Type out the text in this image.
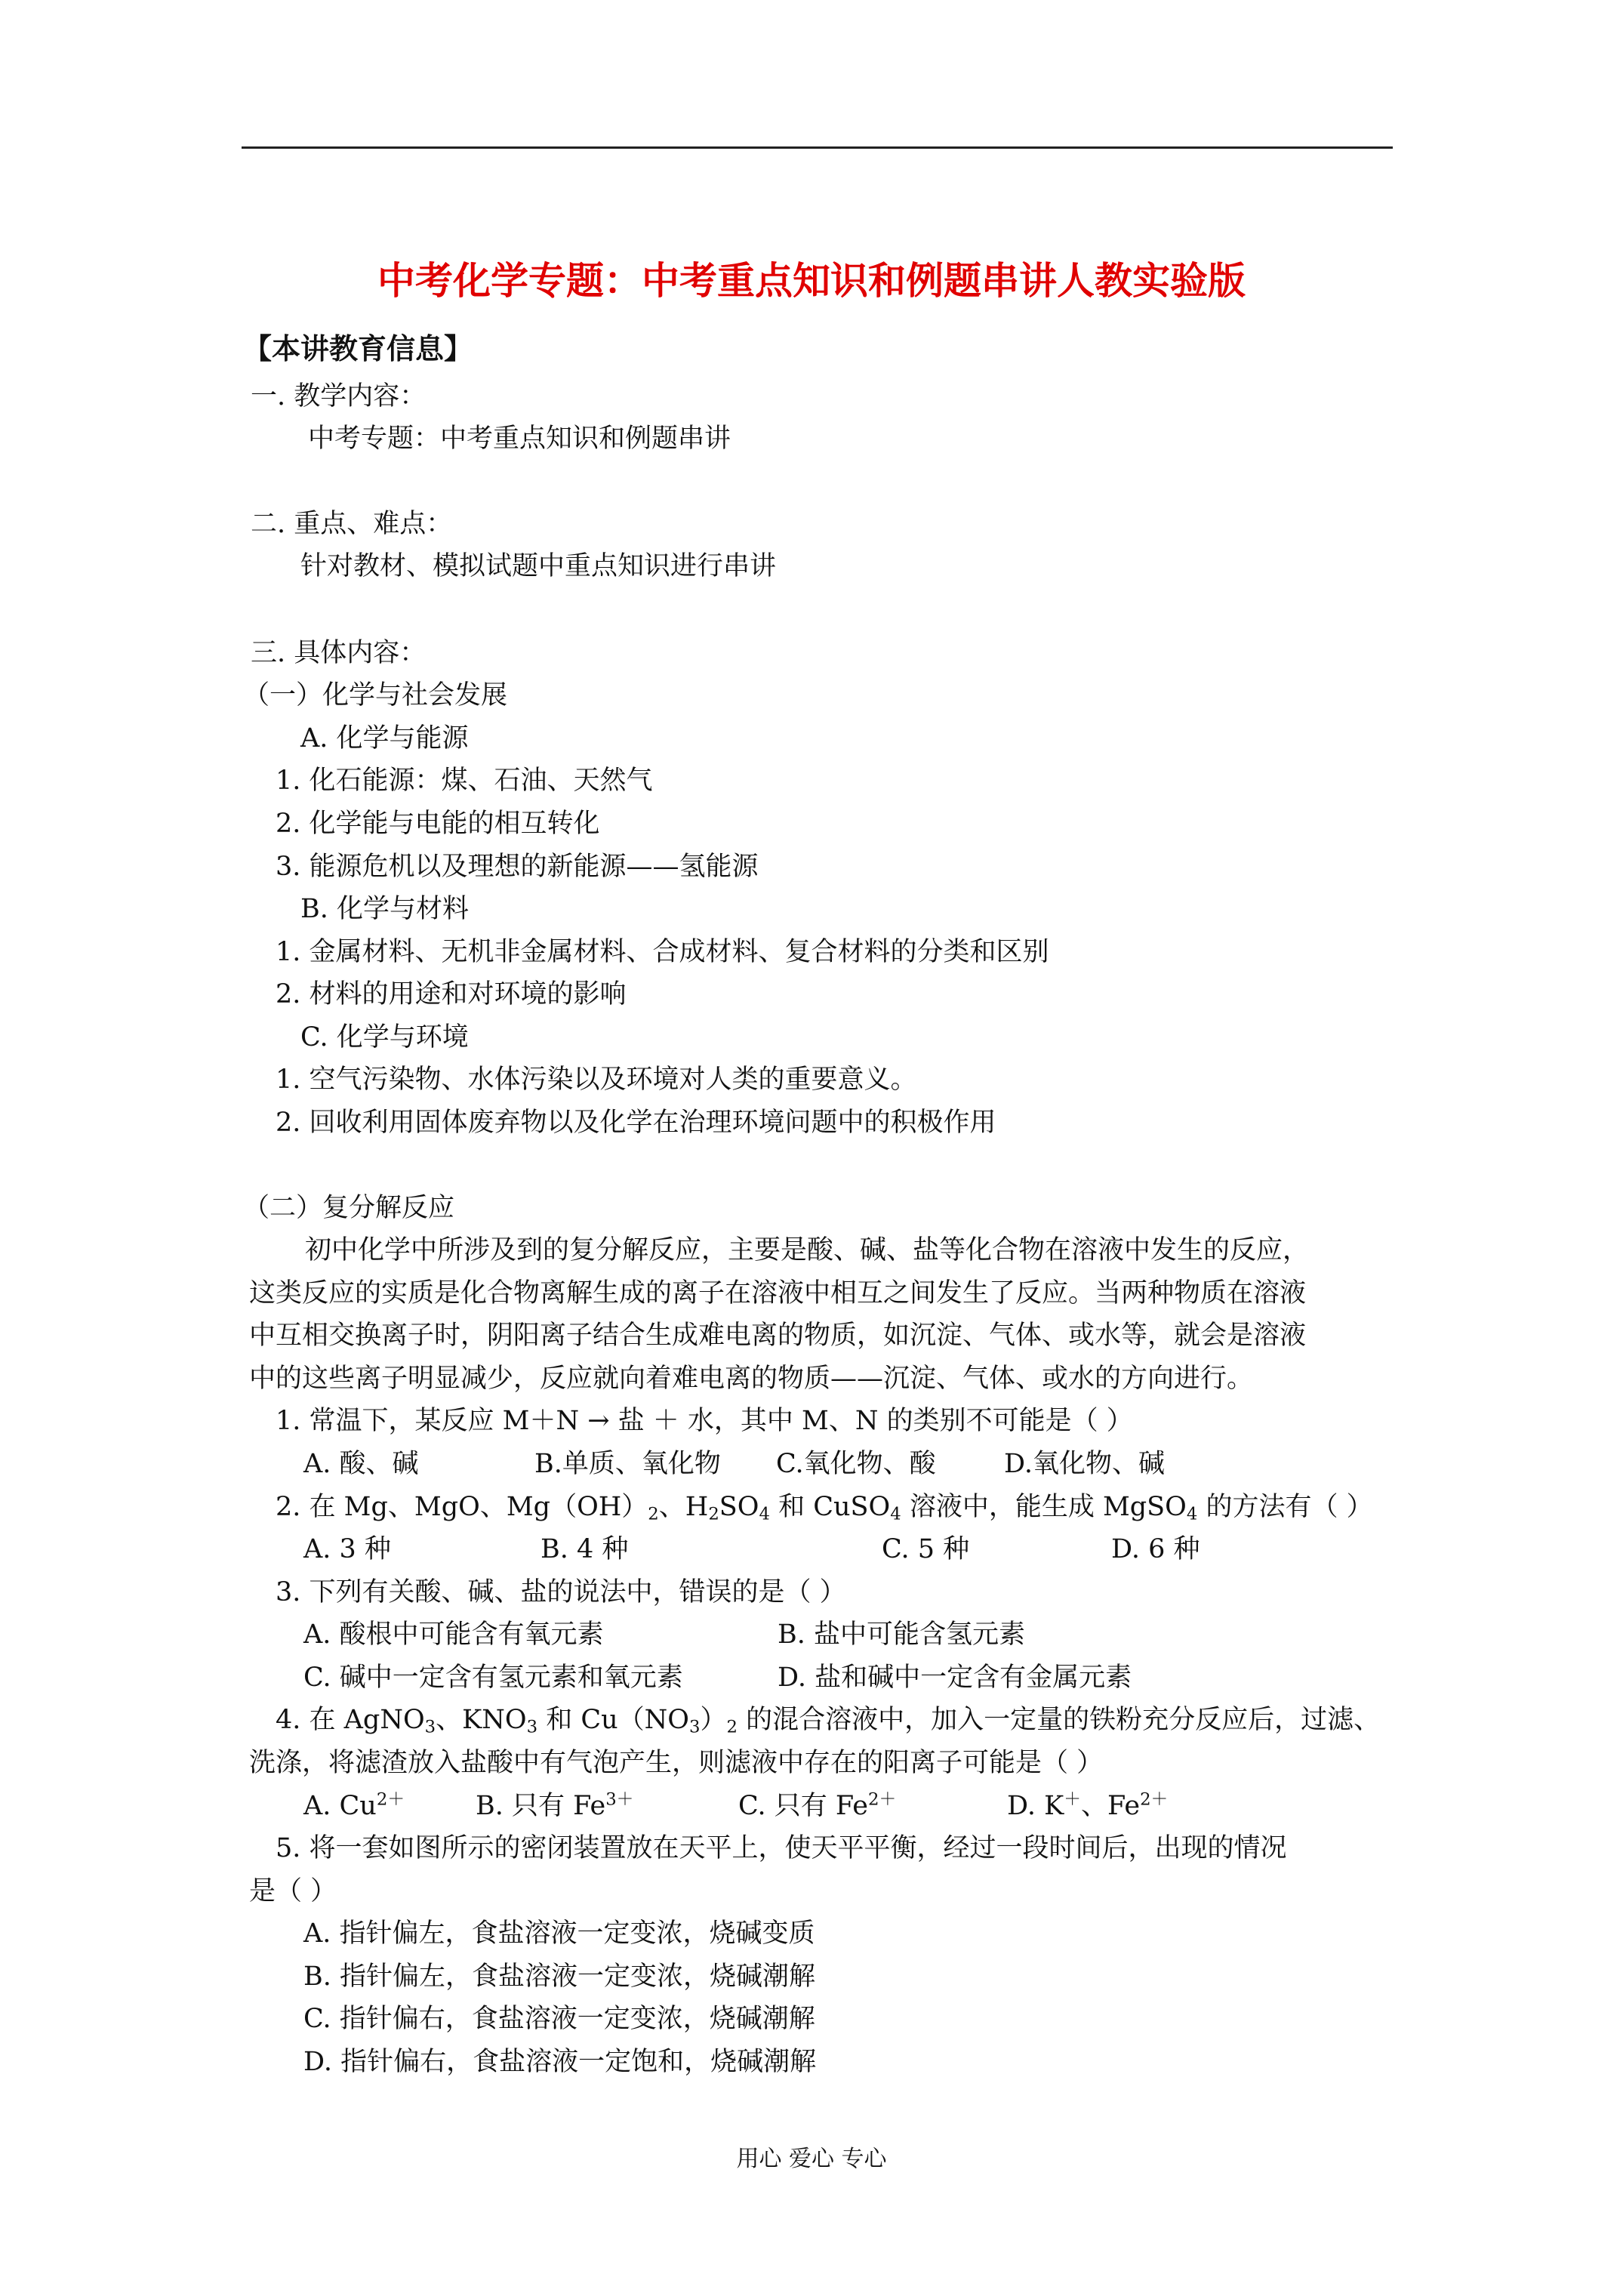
中考化学专题：中考重点知识和例题串讲人教实验版
【本讲教育信息】
一. 教学内容：
中考专题：中考重点知识和例题串讲
二. 重点、难点：
针对教材、模拟试题中重点知识进行串讲
三. 具体内容：
（一）化学与社会发展
A. 化学与能源
1. 化石能源：煤、石油、天然气
2. 化学能与电能的相互转化
3. 能源危机以及理想的新能源——氢能源
B. 化学与材料
1. 金属材料、无机非金属材料、合成材料、复合材料的分类和区别
2. 材料的用途和对环境的影响
C. 化学与环境
1. 空气污染物、水体污染以及环境对人类的重要意义。
2. 回收利用固体废弃物以及化学在治理环境问题中的积极作用
（二）复分解反应
初中化学中所涉及到的复分解反应，主要是酸、碱、盐等化合物在溶液中发生的反应，
这类反应的实质是化合物离解生成的离子在溶液中相互之间发生了反应。当两种物质在溶液
中互相交换离子时，阴阳离子结合生成难电离的物质，如沉淀、气体、或水等，就会是溶液
中的这些离子明显减少，反应就向着难电离的物质——沉淀、气体、或水的方向进行。
1. 常温下，某反应 M＋N → 盐 ＋ 水，其中 M、N 的类别不可能是（ ）
A. 酸、碱	B.单质、氧化物 C.氧化物、酸	D.氧化物、碱
2. 在 Mg、MgO、$Mg(OH)_2$、$H_2SO_4$ 和 CuSO$_4$ 溶液中，能生成 MgSO$_4$ 的方法有（ ）
A. 3 种	B. 4 种	C. 5 种	D. 6 种
3. 下列有关酸、碱、盐的说法中，错误的是（ ）
A. 酸根中可能含有氧元素	B. 盐中可能含氢元素
C. 碱中一定含有氢元素和氧元素	D. 盐和碱中一定含有金属元素
4. 在 AgNO$_3$、$KNO_3$ 和 $Cu(NO_3)_2$ 的混合溶液中，加入一定量的铁粉充分反应后，过滤、
洗涤，将滤渣放入盐酸中有气泡产生，则滤液中存在的阳离子可能是（ ）
A. $Cu^{2+}$	B. 只有 $Fe^{3+}$	C. 只有 $Fe^{2+}$	D. K＋、$Fe^{2+}$
5. 将一套如图所示的密闭装置放在天平上，使天平平衡，经过一段时间后，出现的情况
是（ ）
A. 指针偏左，食盐溶液一定变浓，烧碱变质
B. 指针偏左，食盐溶液一定变浓，烧碱潮解
C. 指针偏右，食盐溶液一定变浓，烧碱潮解
D. 指针偏右，食盐溶液一定饱和，烧碱潮解
用心 爱心 专心
